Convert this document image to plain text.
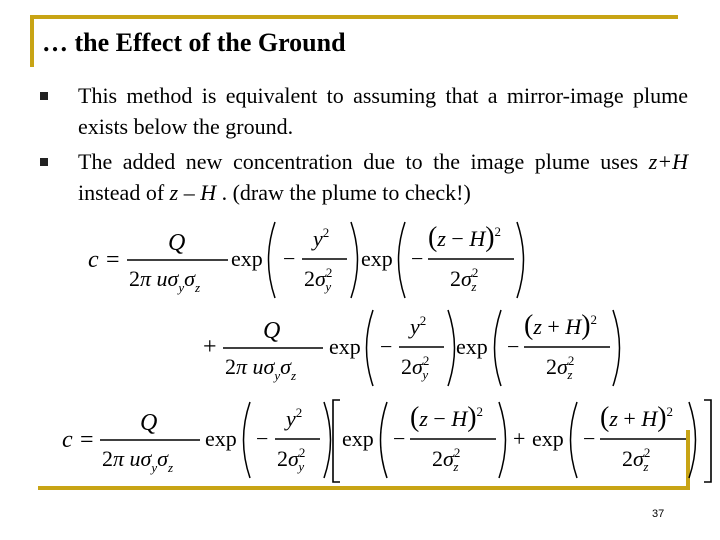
… the Effect of the Ground
This method is equivalent to assuming that a mirror-image plume exists below the ground.
The added new concentration due to the image plume uses z+H instead of z – H . (draw the plume to check!)
c =
Q
2π $u\sigma_y\sigma_z$
exp −
$y^2$
$2\sigma^2$ y
exp −
$(z - H)^2$
$2\sigma^2$ z
+
Q
2π $u\sigma_y\sigma_z$
exp −
$y^2$
$2\sigma^2$ y
exp −
$(z + H)^2$
$2\sigma^2$ z
c =
Q
2π $u\sigma_y\sigma_z$
exp −
$y^2$
$2\sigma^2$ y
exp −
$(z - H)^2$
$2\sigma^2$ z
+ exp −
$(z + H)^2$
$2\sigma^2$ z
37
